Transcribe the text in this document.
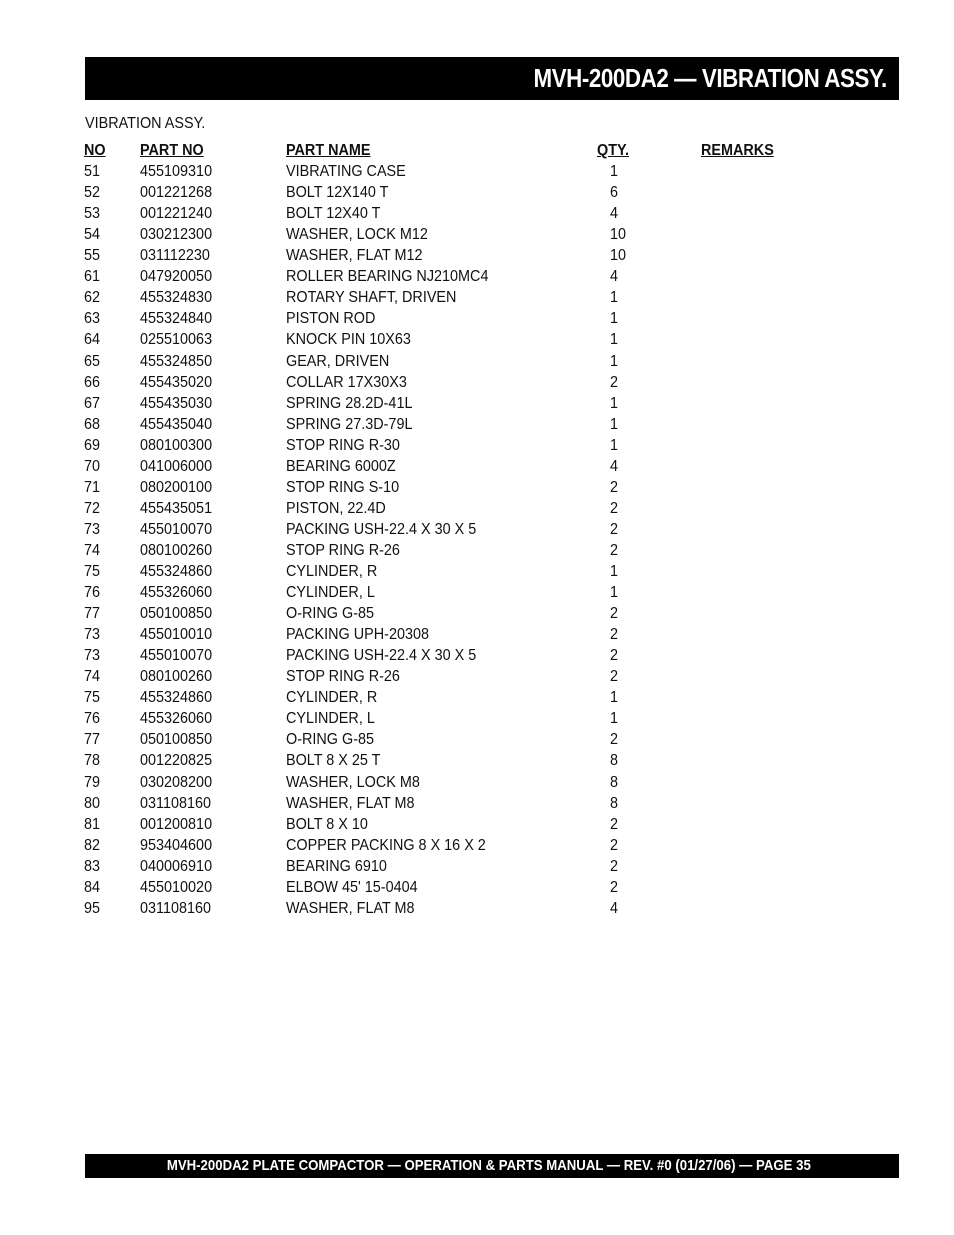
MVH-200DA2 — VIBRATION ASSY.
VIBRATION ASSY.
NO PART NO	PART NAME	QTY.	REMARKS
51 455109310	VIBRATING CASE	1
52 001221268	BOLT 12X140 T	6
53 001221240	BOLT 12X40 T	4
54 030212300	WASHER, LOCK M12	10
55 031112230	WASHER, FLAT M12	10
61 047920050	ROLLER BEARING NJ210MC4	4
62 455324830	ROTARY SHAFT, DRIVEN	1
63 455324840	PISTON ROD	1
64 025510063	KNOCK PIN 10X63	1
65 455324850	GEAR, DRIVEN	1
66 455435020	COLLAR 17X30X3	2
67 455435030	SPRING 28.2D-41L	1
68 455435040	SPRING 27.3D-79L	1
69 080100300	STOP RING R-30	1
70 041006000	BEARING 6000Z	4
71 080200100	STOP RING S-10	2
72 455435051	PISTON, 22.4D	2
73 455010070	PACKING USH-22.4 X 30 X 5	2
74 080100260	STOP RING R-26	2
75 455324860	CYLINDER, R	1
76 455326060	CYLINDER, L	1
77 050100850	O-RING G-85	2
73 455010010	PACKING UPH-20308	2
73 455010070	PACKING USH-22.4 X 30 X 5	2
74 080100260	STOP RING R-26	2
75 455324860	CYLINDER, R	1
76 455326060	CYLINDER, L	1
77 050100850	O-RING G-85	2
78 001220825	BOLT 8 X 25 T	8
79 030208200	WASHER, LOCK M8	8
80 031108160	WASHER, FLAT M8	8
81 001200810	BOLT 8 X 10	2
82 953404600	COPPER PACKING 8 X 16 X 2	2
83 040006910	BEARING 6910	2
84 455010020	ELBOW 45' 15-0404	2
95 031108160	WASHER, FLAT M8	4
MVH-200DA2 PLATE COMPACTOR — OPERATION & PARTS MANUAL — REV. #0 (01/27/06) — PAGE 35
